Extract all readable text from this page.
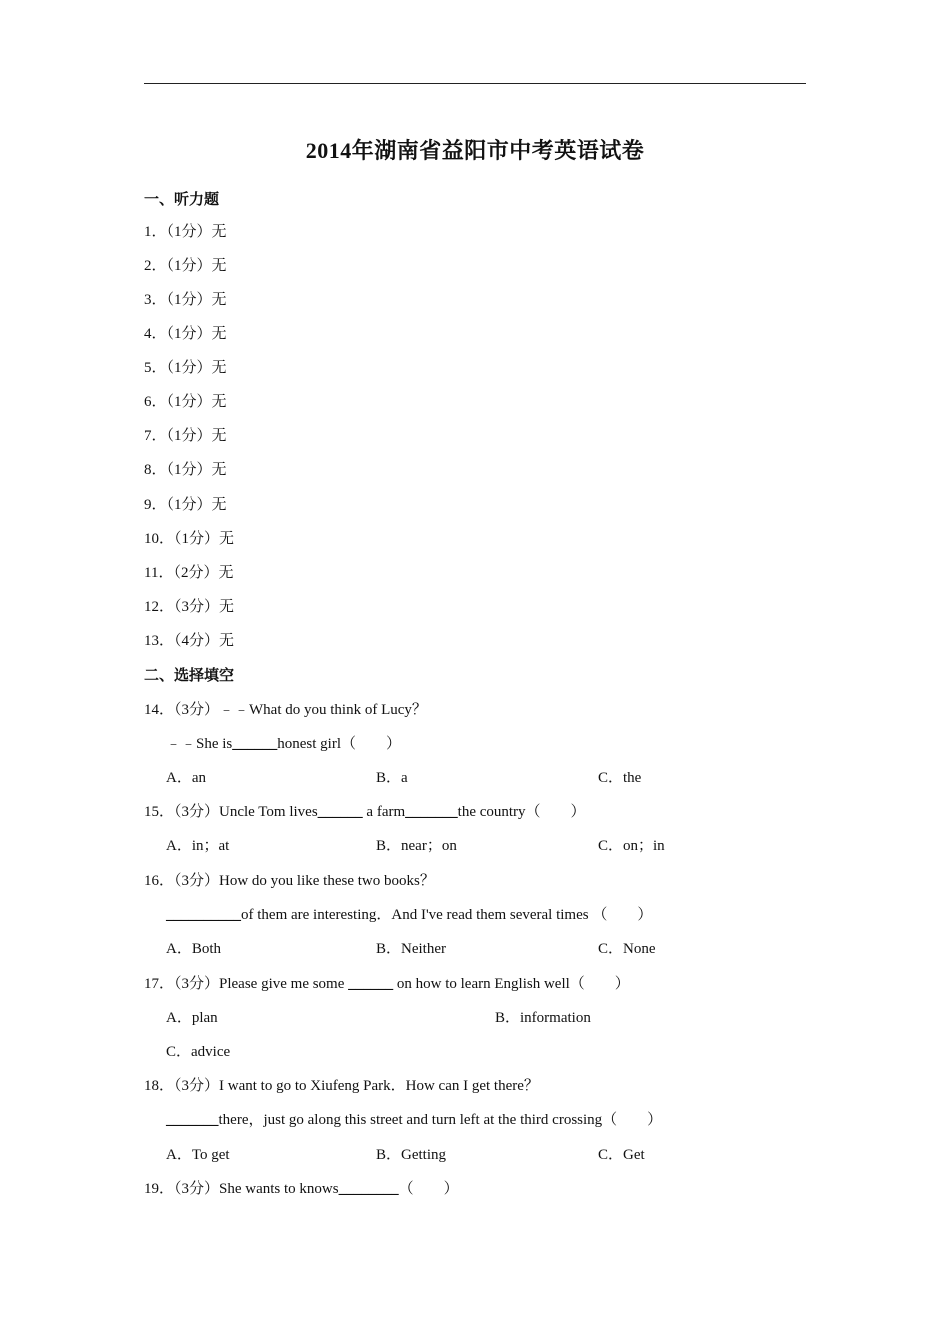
2014年湖南省益阳市中考英语试卷
一、听力题
1．（1分）无
2．（1分）无
3．（1分）无
4．（1分）无
5．（1分）无
6．（1分）无
7．（1分）无
8．（1分）无
9．（1分）无
10．（1分）无
11．（2分）无
12．（3分）无
13．（4分）无
二、选择填空
14．（3分）﹣﹣What do you think of Lucy？
﹣﹣She is______honest girl（　　）
A．an	B．a	C．the
15．（3分）Uncle Tom lives______ a farm_______the country（　　）
A．in；at	B．near；on	C．on；in
16．（3分）How do you like these two books？
__________of them are interesting．And I've read them several times （　　）
A．Both	B．Neither	C．None
17．（3分）Please give me some ______ on how to learn English well（　　）
A．plan	B．information
C．advice
18．（3分）I want to go to Xiufeng Park．How can I get there？
_______there，just go along this street and turn left at the third crossing（　　）
A．To get	B．Getting	C．Get
19．（3分）She wants to knows________（　　）
